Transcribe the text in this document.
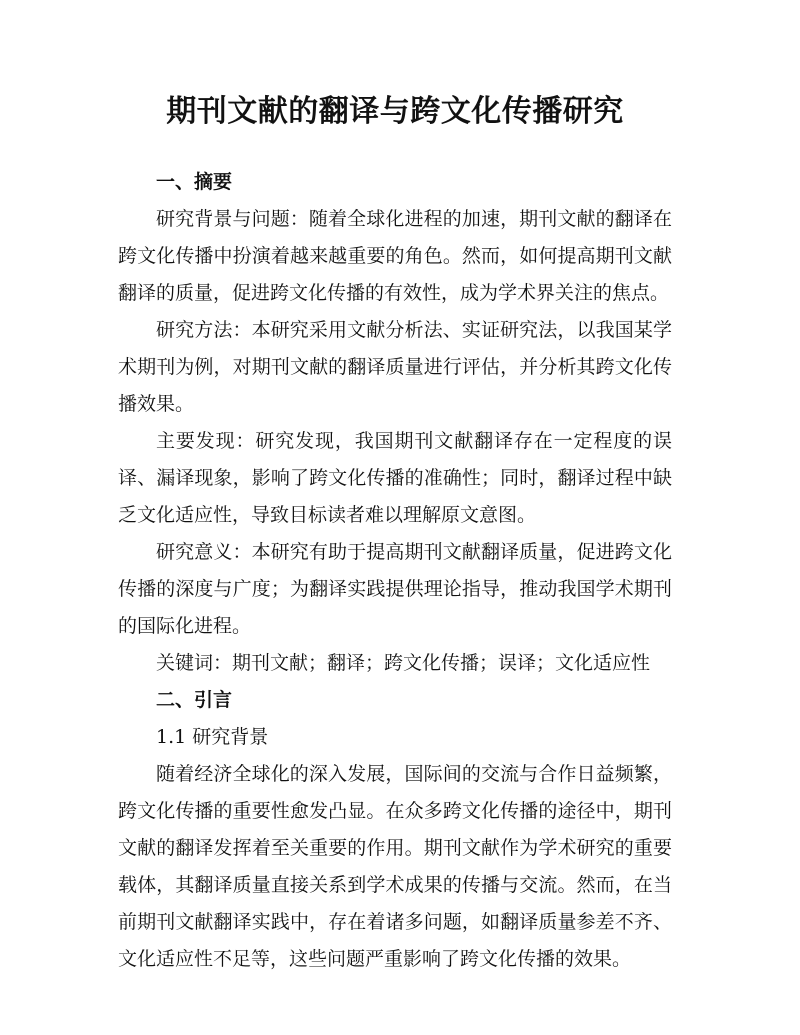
期刊文献的翻译与跨文化传播研究
一、摘要

研究背景与问题：随着全球化进程的加速，期刊文献的翻译在跨文化传播中扮演着越来越重要的角色。然而，如何提高期刊文献翻译的质量，促进跨文化传播的有效性，成为学术界关注的焦点。

研究方法：本研究采用文献分析法、实证研究法，以我国某学术期刊为例，对期刊文献的翻译质量进行评估，并分析其跨文化传播效果。

主要发现：研究发现，我国期刊文献翻译存在一定程度的误译、漏译现象，影响了跨文化传播的准确性；同时，翻译过程中缺乏文化适应性，导致目标读者难以理解原文意图。

研究意义：本研究有助于提高期刊文献翻译质量，促进跨文化传播的深度与广度；为翻译实践提供理论指导，推动我国学术期刊的国际化进程。

关键词：期刊文献；翻译；跨文化传播；误译；文化适应性

二、引言

1.1 研究背景

随着经济全球化的深入发展，国际间的交流与合作日益频繁，跨文化传播的重要性愈发凸显。在众多跨文化传播的途径中，期刊文献的翻译发挥着至关重要的作用。期刊文献作为学术研究的重要载体，其翻译质量直接关系到学术成果的传播与交流。然而，在当前期刊文献翻译实践中，存在着诸多问题，如翻译质量参差不齐、文化适应性不足等，这些问题严重影响了跨文化传播的效果。
